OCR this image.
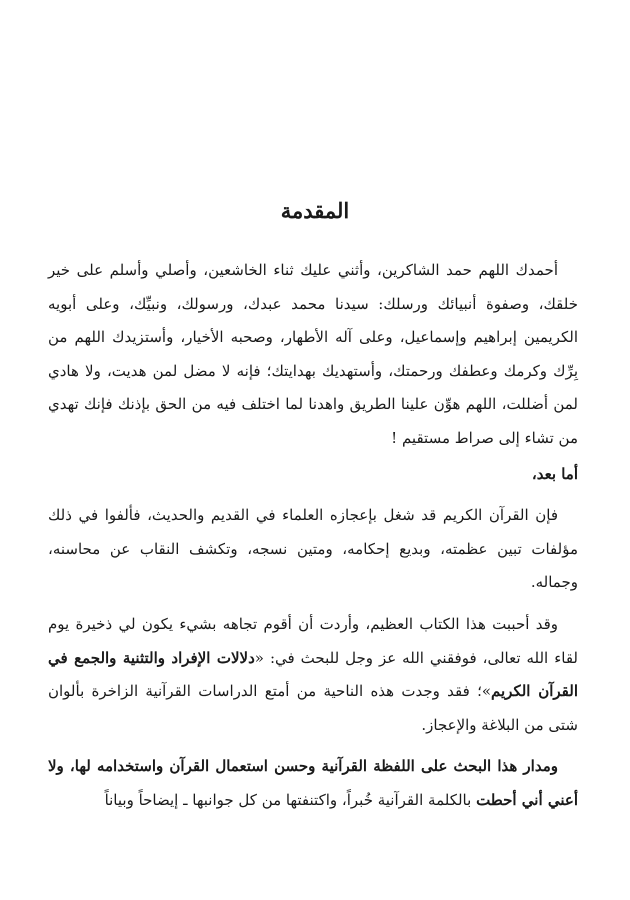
المقدمة

أحمدك اللهم حمد الشاكرين، وأثني عليك ثناء الخاشعين، وأصلي وأسلم على خير خلقك، وصفوة أنبيائك ورسلك: سيدنا محمد عبدك، ورسولك، ونبيِّك، وعلى أبويه الكريمين إبراهيم وإسماعيل، وعلى آله الأطهار، وصحبه الأخيار، وأستزيدك اللهم من بِرِّك وكرمك وعطفك ورحمتك، وأستهديك بهدايتك؛ فإنه لا مضل لمن هديت، ولا هادي لمن أضللت، اللهم هوِّن علينا الطريق واهدنا لما اختلف فيه من الحق بإذنك فإنك تهدي من تشاء إلى صراط مستقيم !

أما بعد،

فإن القرآن الكريم قد شغل بإعجازه العلماء في القديم والحديث، فألفوا في ذلك مؤلفات تبين عظمته، وبديع إحكامه، ومتين نسجه، وتكشف النقاب عن محاسنه، وجماله.

وقد أحببت هذا الكتاب العظيم، وأردت أن أقوم تجاهه بشيء يكون لي ذخيرة يوم لقاء الله تعالى، فوفقني الله عز وجل للبحث في: «دلالات الإفراد والتثنية والجمع في القرآن الكريم»؛ فقد وجدت هذه الناحية من أمتع الدراسات القرآنية الزاخرة بألوان شتى من البلاغة والإعجاز.

ومدار هذا البحث على اللفظة القرآنية وحسن استعمال القرآن واستخدامه لها، ولا أعني أني أحطت بالكلمة القرآنية خُبراً، واكتنفتها من كل جوانبها ـ إيضاحاً وبياناً
